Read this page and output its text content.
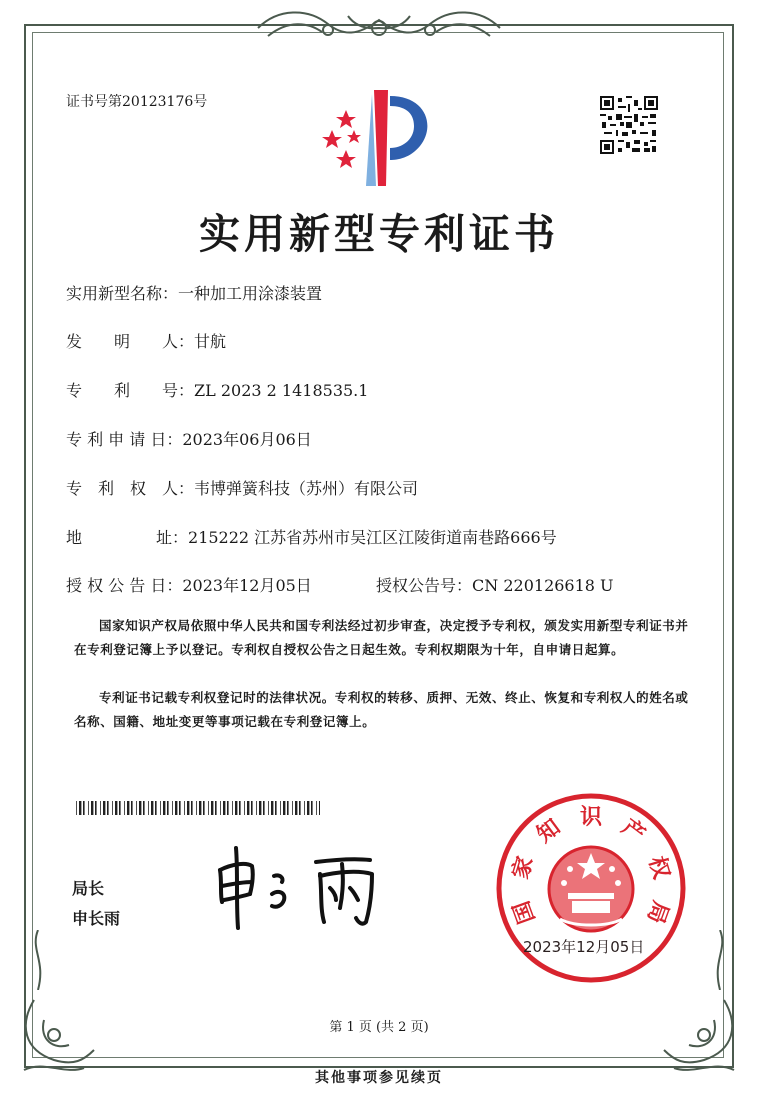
证书号第20123176号
实用新型专利证书
实用新型名称：一种加工用涂漆装置
发　　明　　人：甘航
专　　利　　号：ZL 2023 2 1418535.1
专 利 申 请 日：2023年06月06日
专　利　权　人：韦博弹簧科技（苏州）有限公司
地	址：215222 江苏省苏州市吴江区江陵街道南巷路666号
授 权 公 告 日：2023年12月05日	授权公告号：CN 220126618 U
国家知识产权局依照中华人民共和国专利法经过初步审查，决定授予专利权，颁发实用新型专利证书并在专利登记簿上予以登记。专利权自授权公告之日起生效。专利权期限为十年，自申请日起算。
专利证书记载专利权登记时的法律状况。专利权的转移、质押、无效、终止、恢复和专利权人的姓名或名称、国籍、地址变更等事项记载在专利登记簿上。
局长
申长雨	国
家
知 识 产
权
局
2023年12月05日
第 1 页 (共 2 页)
其他事项参见续页
